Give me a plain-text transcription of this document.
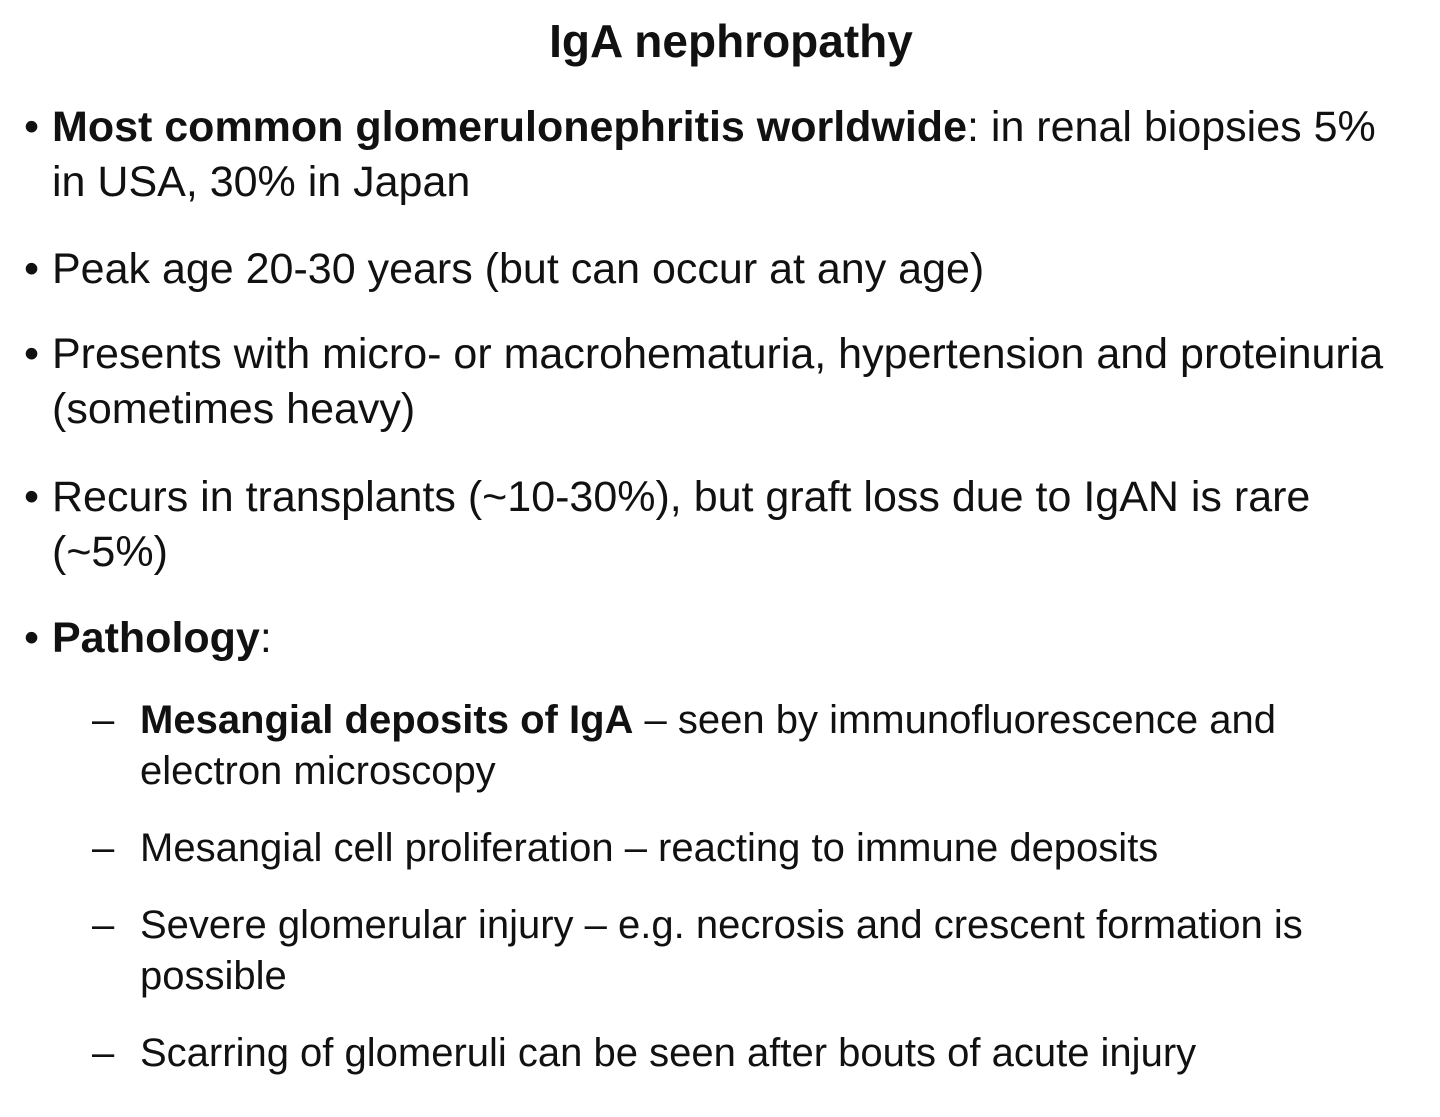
IgA nephropathy
• Most common glomerulonephritis worldwide: in renal biopsies 5% in USA, 30% in Japan
• Peak age 20-30 years (but can occur at any age)
• Presents with micro- or macrohematuria, hypertension and proteinuria (sometimes heavy)
• Recurs in transplants (~10-30%), but graft loss due to IgAN is rare (~5%)
• Pathology:
– Mesangial deposits of IgA – seen by immunofluorescence and electron microscopy
– Mesangial cell proliferation – reacting to immune deposits
– Severe glomerular injury – e.g. necrosis and crescent formation is possible
– Scarring of glomeruli can be seen after bouts of acute injury
